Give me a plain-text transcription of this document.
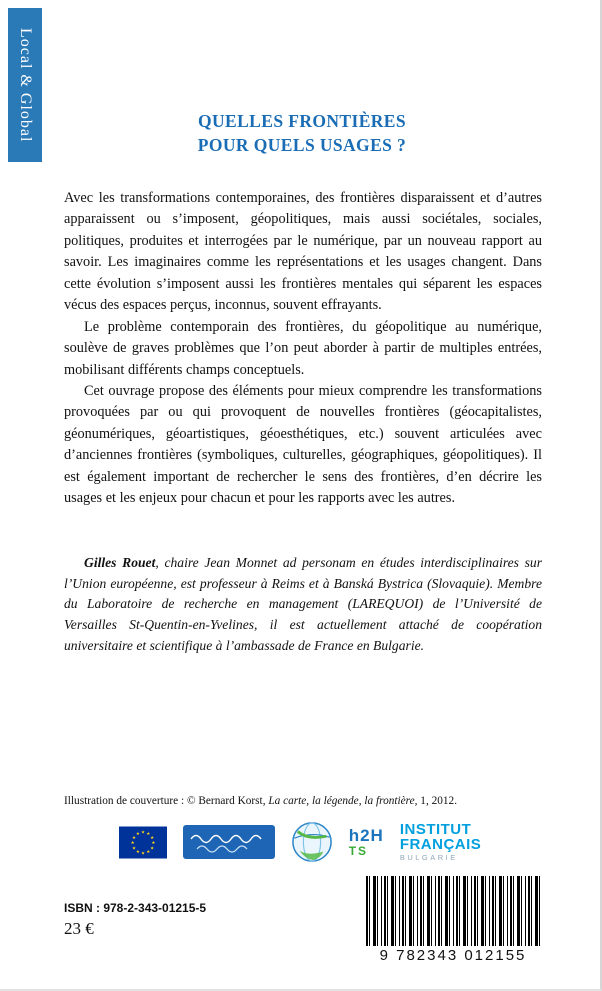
Local & Global	QUELLES FRONTIÈRES
POUR QUELS USAGES ?

Avec les transformations contemporaines, des frontières disparaissent et d’autres apparaissent ou s’imposent, géopolitiques, mais aussi sociétales, sociales, politiques, produites et interrogées par le numérique, par un nouveau rapport au savoir. Les imaginaires comme les représentations et les usages changent. Dans cette évolution s’imposent aussi les frontières mentales qui séparent les espaces vécus des espaces perçus, inconnus, souvent effrayants.

Le problème contemporain des frontières, du géopolitique au numérique, soulève de graves problèmes que l’on peut aborder à partir de multiples entrées, mobilisant différents champs conceptuels.

Cet ouvrage propose des éléments pour mieux comprendre les transformations provoquées par ou qui provoquent de nouvelles frontières (géocapitalistes, géonumériques, géoartistiques, géoesthétiques, etc.) souvent articulées avec d’anciennes frontières (symboliques, culturelles, géographiques, géopolitiques). Il est également important de rechercher le sens des frontières, d’en décrire les usages et les enjeux pour chacun et pour les rapports avec les autres.

Gilles Rouet, chaire Jean Monnet ad personam en études interdisciplinaires sur l’Union européenne, est professeur à Reims et à Banská Bystrica (Slovaquie). Membre du Laboratoire de recherche en management (LAREQUOI) de l’Université de Versailles St-Quentin-en-Yvelines, il est actuellement attaché de coopération universitaire et scientifique à l’ambassade de France en Bulgarie.

Illustration de couverture : © Bernard Korst, La carte, la légende, la frontière, 1, 2012.
★ ★
★
★
★
★
★
★
★
★
★
★	h2H
TS
INSTITUT
FRANÇAIS
BULGARIE
ISBN : 978-2-343-01215-5
23 €
9 782343 012155
